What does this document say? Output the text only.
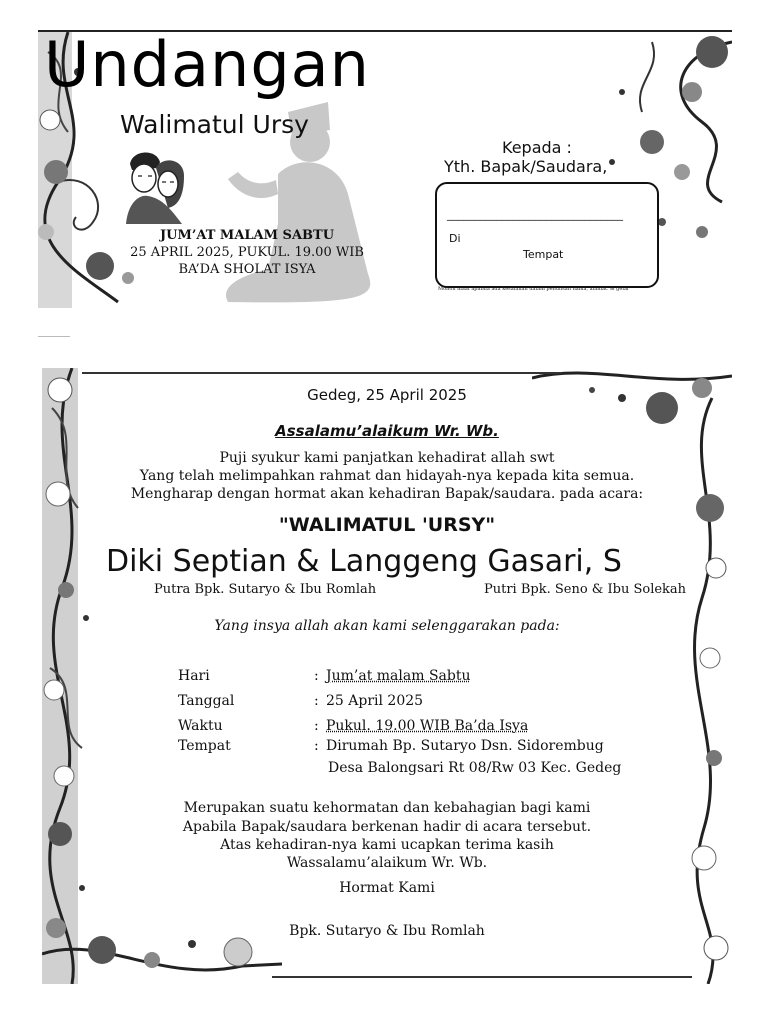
Undangan
Walimatul Ursy
JUM’AT MALAM SABTU
25 APRIL 2025, PUKUL. 19.00 WIB
BA’DA SHOLAT ISYA
Kepada :
Yth. Bapak/Saudara,
________________________________
Di
Tempat
Mohon maaf apabila ada kesalahan dalam penulisan nama, alamat. & gelar
Gedeg, 25 April 2025
Assalamu’alaikum Wr. Wb.
Puji syukur kami panjatkan kehadirat allah swt
Yang telah melimpahkan rahmat dan hidayah-nya kepada kita semua.
Mengharap dengan hormat akan kehadiran Bapak/saudara. pada acara:
"WALIMATUL 'URSY"
Diki Septian & Langgeng Gasari, S
Putra Bpk. Sutaryo & Ibu Romlah	Putri Bpk. Seno & Ibu Solekah
Yang insya allah akan kami selenggarakan pada:
Hari	: Jum’at malam Sabtu
Tanggal	: 25 April 2025
Waktu	: Pukul. 19.00 WIB Ba’da Isya
Tempat	: Dirumah Bp. Sutaryo Dsn. Sidorembug
Desa Balongsari Rt 08/Rw 03 Kec. Gedeg
Merupakan suatu kehormatan dan kebahagian bagi kami
Apabila Bapak/saudara berkenan hadir di acara tersebut.
Atas kehadiran-nya kami ucapkan terima kasih
Wassalamu’alaikum Wr. Wb.
Hormat Kami
Bpk. Sutaryo & Ibu Romlah
